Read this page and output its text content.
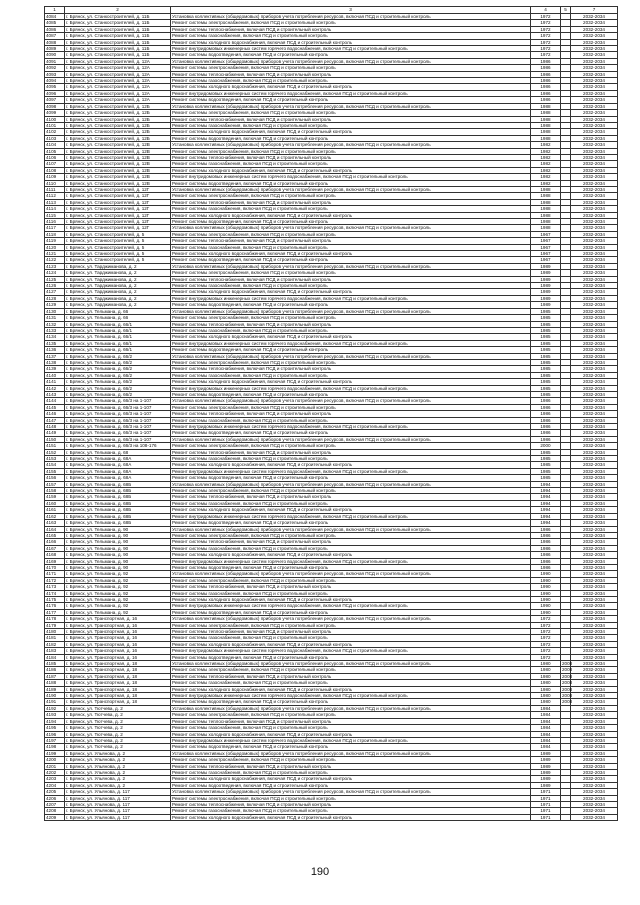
1	2	3	4	5	7
4084	г. Брянск, ул. Станкостроителей, д. 11Б	Установка коллективных (общедомовых) приборов учета потребления ресурсов, включая ПСД и строительный контроль	1972		2032-2034
4085	г. Брянск, ул. Станкостроителей, д. 11Б	Ремонт системы электроснабжения, включая ПСД и строительный контроль	1972		2032-2034
4086	г. Брянск, ул. Станкостроителей, д. 11Б	Ремонт системы теплоснабжения, включая ПСД и строительный контроль	1972		2032-2034
4087	г. Брянск, ул. Станкостроителей, д. 11Б	Ремонт системы газоснабжения, включая ПСД и строительный контроль	1972		2032-2034
4088	г. Брянск, ул. Станкостроителей, д. 11Б	Ремонт системы холодного водоснабжения, включая ПСД и строительный контроль	1972		2032-2034
4089	г. Брянск, ул. Станкостроителей, д. 11Б	Ремонт внутридомовых инженерных систем горячего водоснабжения, включая ПСД и строительный контроль	1972		2032-2034
4090	г. Брянск, ул. Станкостроителей, д. 11Б	Ремонт системы водоотведения, включая ПСД и строительный контроль	1972		2032-2034
4091	г. Брянск, ул. Станкостроителей, д. 12А	Установка коллективных (общедомовых) приборов учета потребления ресурсов, включая ПСД и строительный контроль	1986		2032-2034
4092	г. Брянск, ул. Станкостроителей, д. 12А	Ремонт системы электроснабжения, включая ПСД и строительный контроль	1986		2032-2034
4093	г. Брянск, ул. Станкостроителей, д. 12А	Ремонт системы теплоснабжения, включая ПСД и строительный контроль	1986		2032-2034
4094	г. Брянск, ул. Станкостроителей, д. 12А	Ремонт системы газоснабжения, включая ПСД и строительный контроль	1986		2032-2034
4095	г. Брянск, ул. Станкостроителей, д. 12А	Ремонт системы холодного водоснабжения, включая ПСД и строительный контроль	1986		2032-2034
4096	г. Брянск, ул. Станкостроителей, д. 12А	Ремонт внутридомовых инженерных систем горячего водоснабжения, включая ПСД и строительный контроль	1986		2032-2034
4097	г. Брянск, ул. Станкостроителей, д. 12А	Ремонт системы водоотведения, включая ПСД и строительный контроль	1986		2032-2034
4098	г. Брянск, ул. Станкостроителей, д. 12Б	Установка коллективных (общедомовых) приборов учета потребления ресурсов, включая ПСД и строительный контроль	1988		2032-2034
4099	г. Брянск, ул. Станкостроителей, д. 12Б	Ремонт системы электроснабжения, включая ПСД и строительный контроль	1988		2032-2034
4100	г. Брянск, ул. Станкостроителей, д. 12Б	Ремонт системы теплоснабжения, включая ПСД и строительный контроль	1988		2032-2034
4101	г. Брянск, ул. Станкостроителей, д. 12Б	Ремонт системы газоснабжения, включая ПСД и строительный контроль	1988		2032-2034
4102	г. Брянск, ул. Станкостроителей, д. 12Б	Ремонт системы холодного водоснабжения, включая ПСД и строительный контроль	1988		2032-2034
4103	г. Брянск, ул. Станкостроителей, д. 12Б	Ремонт системы водоотведения, включая ПСД и строительный контроль	1988		2032-2034
4104	г. Брянск, ул. Станкостроителей, д. 12В	Установка коллективных (общедомовых) приборов учета потребления ресурсов, включая ПСД и строительный контроль	1982		2032-2034
4105	г. Брянск, ул. Станкостроителей, д. 12В	Ремонт системы электроснабжения, включая ПСД и строительный контроль	1982		2032-2034
4106	г. Брянск, ул. Станкостроителей, д. 12В	Ремонт системы теплоснабжения, включая ПСД и строительный контроль	1982		2032-2034
4107	г. Брянск, ул. Станкостроителей, д. 12В	Ремонт системы газоснабжения, включая ПСД и строительный контроль	1982		2032-2034
4108	г. Брянск, ул. Станкостроителей, д. 12В	Ремонт системы холодного водоснабжения, включая ПСД и строительный контроль	1982		2032-2034
4109	г. Брянск, ул. Станкостроителей, д. 12В	Ремонт внутридомовых инженерных систем горячего водоснабжения, включая ПСД и строительный контроль	1982		2032-2034
4110	г. Брянск, ул. Станкостроителей, д. 12В	Ремонт системы водоотведения, включая ПСД и строительный контроль	1982		2032-2034
4111	г. Брянск, ул. Станкостроителей, д. 12Г	Установка коллективных (общедомовых) приборов учета потребления ресурсов, включая ПСД и строительный контроль	1988		2032-2034
4112	г. Брянск, ул. Станкостроителей, д. 12Г	Ремонт системы электроснабжения, включая ПСД и строительный контроль	1988		2032-2034
4113	г. Брянск, ул. Станкостроителей, д. 12Г	Ремонт системы теплоснабжения, включая ПСД и строительный контроль	1988		2032-2034
4114	г. Брянск, ул. Станкостроителей, д. 12Г	Ремонт системы газоснабжения, включая ПСД и строительный контроль	1988		2032-2034
4115	г. Брянск, ул. Станкостроителей, д. 12Г	Ремонт системы холодного водоснабжения, включая ПСД и строительный контроль	1988		2032-2034
4116	г. Брянск, ул. Станкостроителей, д. 12Г	Ремонт системы водоотведения, включая ПСД и строительный контроль	1988		2032-2034
4117	г. Брянск, ул. Станкостроителей, д. 12Г	Установка коллективных (общедомовых) приборов учета потребления ресурсов, включая ПСД и строительный контроль	1988		2032-2034
4118	г. Брянск, ул. Станкостроителей, д. 5	Ремонт системы электроснабжения, включая ПСД и строительный контроль	1967		2032-2034
4119	г. Брянск, ул. Станкостроителей, д. 5	Ремонт системы теплоснабжения, включая ПСД и строительный контроль	1967		2032-2034
4120	г. Брянск, ул. Станкостроителей, д. 5	Ремонт системы газоснабжения, включая ПСД и строительный контроль	1967		2032-2034
4121	г. Брянск, ул. Станкостроителей, д. 5	Ремонт системы холодного водоснабжения, включая ПСД и строительный контроль	1967		2032-2034
4122	г. Брянск, ул. Станкостроителей, д. 5	Ремонт системы водоотведения, включая ПСД и строительный контроль	1967		2032-2034
4123	г. Брянск, ул. Тарджиманова, д. 2	Установка коллективных (общедомовых) приборов учета потребления ресурсов, включая ПСД и строительный контроль	1989		2032-2034
4124	г. Брянск, ул. Тарджиманова, д. 2	Ремонт системы электроснабжения, включая ПСД и строительный контроль	1989		2032-2034
4125	г. Брянск, ул. Тарджиманова, д. 2	Ремонт системы теплоснабжения, включая ПСД и строительный контроль	1989		2032-2034
4126	г. Брянск, ул. Тарджиманова, д. 2	Ремонт системы газоснабжения, включая ПСД и строительный контроль	1989		2032-2034
4127	г. Брянск, ул. Тарджиманова, д. 2	Ремонт системы холодного водоснабжения, включая ПСД и строительный контроль	1989		2032-2034
4128	г. Брянск, ул. Тарджиманова, д. 2	Ремонт внутридомовых инженерных систем горячего водоснабжения, включая ПСД и строительный контроль	1989		2032-2034
4129	г. Брянск, ул. Тарджиманова, д. 2	Ремонт системы водоотведения, включая ПСД и строительный контроль	1989		2032-2034
4130	г. Брянск, ул. Тельмана, д. 66	Установка коллективных (общедомовых) приборов учета потребления ресурсов, включая ПСД и строительный контроль	1985		2032-2034
4131	г. Брянск, ул. Тельмана, д. 66	Ремонт системы электроснабжения, включая ПСД и строительный контроль	1985		2032-2034
4132	г. Брянск, ул. Тельмана, д. 66/1	Ремонт системы теплоснабжения, включая ПСД и строительный контроль	1985		2032-2034
4133	г. Брянск, ул. Тельмана, д. 66/1	Ремонт системы газоснабжения, включая ПСД и строительный контроль	1985		2032-2034
4134	г. Брянск, ул. Тельмана, д. 66/1	Ремонт системы холодного водоснабжения, включая ПСД и строительный контроль	1985		2032-2034
4135	г. Брянск, ул. Тельмана, д. 66/1	Ремонт внутридомовых инженерных систем горячего водоснабжения, включая ПСД и строительный контроль	1985		2032-2034
4136	г. Брянск, ул. Тельмана, д. 66/1	Ремонт системы водоотведения, включая ПСД и строительный контроль	1985		2032-2034
4137	г. Брянск, ул. Тельмана, д. 66/2	Установка коллективных (общедомовых) приборов учета потребления ресурсов, включая ПСД и строительный контроль	1985		2032-2034
4138	г. Брянск, ул. Тельмана, д. 66/2	Ремонт системы электроснабжения, включая ПСД и строительный контроль	1985		2032-2034
4139	г. Брянск, ул. Тельмана, д. 66/2	Ремонт системы теплоснабжения, включая ПСД и строительный контроль	1985		2032-2034
4140	г. Брянск, ул. Тельмана, д. 66/2	Ремонт системы газоснабжения, включая ПСД и строительный контроль	1985		2032-2034
4141	г. Брянск, ул. Тельмана, д. 66/2	Ремонт системы холодного водоснабжения, включая ПСД и строительный контроль	1985		2032-2034
4142	г. Брянск, ул. Тельмана, д. 66/2	Ремонт внутридомовых инженерных систем горячего водоснабжения, включая ПСД и строительный контроль	1985		2032-2034
4143	г. Брянск, ул. Тельмана, д. 66/2	Ремонт системы водоотведения, включая ПСД и строительный контроль	1985		2032-2034
4144	г. Брянск, ул. Тельмана, д. 66/3 на 1-107	Установка коллективных (общедомовых) приборов учета потребления ресурсов, включая ПСД и строительный контроль	1986		2032-2034
4145	г. Брянск, ул. Тельмана, д. 66/3 на 1-107	Ремонт системы электроснабжения, включая ПСД и строительный контроль	1986		2032-2034
4146	г. Брянск, ул. Тельмана, д. 66/3 на 1-107	Ремонт системы теплоснабжения, включая ПСД и строительный контроль	1986		2032-2034
4147	г. Брянск, ул. Тельмана, д. 66/3 на 1-107	Ремонт системы газоснабжения, включая ПСД и строительный контроль	1986		2032-2034
4148	г. Брянск, ул. Тельмана, д. 66/3 на 1-107	Ремонт внутридомовых инженерных систем горячего водоснабжения, включая ПСД и строительный контроль	1986		2032-2034
4149	г. Брянск, ул. Тельмана, д. 66/3 на 1-107	Ремонт системы водоотведения, включая ПСД и строительный контроль	1986		2032-2034
4150	г. Брянск, ул. Тельмана, д. 66/3 на 1-107	Установка коллективных (общедомовых) приборов учета потребления ресурсов, включая ПСД и строительный контроль	1986		2032-2034
4151	г. Брянск, ул. Тельмана, д. 66/3 на 108-176	Ремонт системы электроснабжения, включая ПСД и строительный контроль	2000		2032-2034
4152	г. Брянск, ул. Тельмана, д. 68	Ремонт системы теплоснабжения, включая ПСД и строительный контроль	1985		2032-2034
4153	г. Брянск, ул. Тельмана, д. 68А	Ремонт системы газоснабжения, включая ПСД и строительный контроль	1985		2032-2034
4154	г. Брянск, ул. Тельмана, д. 68А	Ремонт системы холодного водоснабжения, включая ПСД и строительный контроль	1985		2032-2034
4155	г. Брянск, ул. Тельмана, д. 68А	Ремонт внутридомовых инженерных систем горячего водоснабжения, включая ПСД и строительный контроль	1985		2032-2034
4156	г. Брянск, ул. Тельмана, д. 68А	Ремонт системы водоотведения, включая ПСД и строительный контроль	1985		2032-2034
4157	г. Брянск, ул. Тельмана, д. 68Б	Установка коллективных (общедомовых) приборов учета потребления ресурсов, включая ПСД и строительный контроль	1994		2032-2034
4158	г. Брянск, ул. Тельмана, д. 68Б	Ремонт системы электроснабжения, включая ПСД и строительный контроль	1994		2032-2034
4159	г. Брянск, ул. Тельмана, д. 68Б	Ремонт системы теплоснабжения, включая ПСД и строительный контроль	1994		2032-2034
4160	г. Брянск, ул. Тельмана, д. 68Б	Ремонт системы газоснабжения, включая ПСД и строительный контроль	1994		2032-2034
4161	г. Брянск, ул. Тельмана, д. 68Б	Ремонт системы холодного водоснабжения, включая ПСД и строительный контроль	1994		2032-2034
4162	г. Брянск, ул. Тельмана, д. 68Б	Ремонт внутридомовых инженерных систем горячего водоснабжения, включая ПСД и строительный контроль	1994		2032-2034
4163	г. Брянск, ул. Тельмана, д. 68Б	Ремонт системы водоотведения, включая ПСД и строительный контроль	1994		2032-2034
4164	г. Брянск, ул. Тельмана, д. 90	Установка коллективных (общедомовых) приборов учета потребления ресурсов, включая ПСД и строительный контроль	1986		2032-2034
4165	г. Брянск, ул. Тельмана, д. 90	Ремонт системы электроснабжения, включая ПСД и строительный контроль	1986		2032-2034
4166	г. Брянск, ул. Тельмана, д. 90	Ремонт системы теплоснабжения, включая ПСД и строительный контроль	1986		2032-2034
4167	г. Брянск, ул. Тельмана, д. 90	Ремонт системы газоснабжения, включая ПСД и строительный контроль	1986		2032-2034
4168	г. Брянск, ул. Тельмана, д. 90	Ремонт системы холодного водоснабжения, включая ПСД и строительный контроль	1986		2032-2034
4169	г. Брянск, ул. Тельмана, д. 90	Ремонт внутридомовых инженерных систем горячего водоснабжения, включая ПСД и строительный контроль	1986		2032-2034
4170	г. Брянск, ул. Тельмана, д. 90	Ремонт системы водоотведения, включая ПСД и строительный контроль	1986		2032-2034
4171	г. Брянск, ул. Тельмана, д. 92	Установка коллективных (общедомовых) приборов учета потребления ресурсов, включая ПСД и строительный контроль	1990		2032-2034
4172	г. Брянск, ул. Тельмана, д. 92	Ремонт системы электроснабжения, включая ПСД и строительный контроль	1990		2032-2034
4173	г. Брянск, ул. Тельмана, д. 92	Ремонт системы теплоснабжения, включая ПСД и строительный контроль	1990		2032-2034
4174	г. Брянск, ул. Тельмана, д. 92	Ремонт системы газоснабжения, включая ПСД и строительный контроль	1990		2032-2034
4175	г. Брянск, ул. Тельмана, д. 92	Ремонт системы холодного водоснабжения, включая ПСД и строительный контроль	1990		2032-2034
4176	г. Брянск, ул. Тельмана, д. 92	Ремонт внутридомовых инженерных систем горячего водоснабжения, включая ПСД и строительный контроль	1990		2032-2034
4177	г. Брянск, ул. Тельмана, д. 92	Ремонт системы водоотведения, включая ПСД и строительный контроль	1990		2032-2034
4178	г. Брянск, ул. Транспортная, д. 16	Установка коллективных (общедомовых) приборов учета потребления ресурсов, включая ПСД и строительный контроль	1972		2032-2034
4179	г. Брянск, ул. Транспортная, д. 16	Ремонт системы электроснабжения, включая ПСД и строительный контроль	1972		2032-2034
4180	г. Брянск, ул. Транспортная, д. 16	Ремонт системы теплоснабжения, включая ПСД и строительный контроль	1972		2032-2034
4181	г. Брянск, ул. Транспортная, д. 16	Ремонт системы газоснабжения, включая ПСД и строительный контроль	1972		2032-2034
4182	г. Брянск, ул. Транспортная, д. 16	Ремонт системы холодного водоснабжения, включая ПСД и строительный контроль	1972		2032-2034
4183	г. Брянск, ул. Транспортная, д. 16	Ремонт внутридомовых инженерных систем горячего водоснабжения, включая ПСД и строительный контроль	1972		2032-2034
4184	г. Брянск, ул. Транспортная, д. 16	Ремонт системы водоотведения, включая ПСД и строительный контроль	1972		2032-2034
4185	г. Брянск, ул. Транспортная, д. 18	Установка коллективных (общедомовых) приборов учета потребления ресурсов, включая ПСД и строительный контроль	1980	2008	2032-2034
4186	г. Брянск, ул. Транспортная, д. 18	Ремонт системы электроснабжения, включая ПСД и строительный контроль	1980	2008	2032-2034
4187	г. Брянск, ул. Транспортная, д. 18	Ремонт системы теплоснабжения, включая ПСД и строительный контроль	1980	2008	2032-2034
4188	г. Брянск, ул. Транспортная, д. 18	Ремонт системы газоснабжения, включая ПСД и строительный контроль	1980	2008	2032-2034
4189	г. Брянск, ул. Транспортная, д. 18	Ремонт системы холодного водоснабжения, включая ПСД и строительный контроль	1980	2008	2032-2034
4190	г. Брянск, ул. Транспортная, д. 18	Ремонт внутридомовых инженерных систем горячего водоснабжения, включая ПСД и строительный контроль	1980	2008	2032-2034
4191	г. Брянск, ул. Транспортная, д. 18	Ремонт системы водоотведения, включая ПСД и строительный контроль	1980	2008	2032-2034
4192	г. Брянск, ул. Тютчева, д. 2	Установка коллективных (общедомовых) приборов учета потребления ресурсов, включая ПСД и строительный контроль	1984		2032-2034
4193	г. Брянск, ул. Тютчева, д. 2	Ремонт системы электроснабжения, включая ПСД и строительный контроль	1984		2032-2034
4194	г. Брянск, ул. Тютчева, д. 2	Ремонт системы теплоснабжения, включая ПСД и строительный контроль	1984		2032-2034
4195	г. Брянск, ул. Тютчева, д. 2	Ремонт системы газоснабжения, включая ПСД и строительный контроль	1984		2032-2034
4196	г. Брянск, ул. Тютчева, д. 2	Ремонт системы холодного водоснабжения, включая ПСД и строительный контроль	1984		2032-2034
4197	г. Брянск, ул. Тютчева, д. 2	Ремонт внутридомовых инженерных систем горячего водоснабжения, включая ПСД и строительный контроль	1984		2032-2034
4198	г. Брянск, ул. Тютчева, д. 2	Ремонт системы водоотведения, включая ПСД и строительный контроль	1984		2032-2034
4199	г. Брянск, ул. Ульянова, д. 2	Установка коллективных (общедомовых) приборов учета потребления ресурсов, включая ПСД и строительный контроль	1989		2032-2034
4200	г. Брянск, ул. Ульянова, д. 2	Ремонт системы электроснабжения, включая ПСД и строительный контроль	1989		2032-2034
4201	г. Брянск, ул. Ульянова, д. 2	Ремонт системы теплоснабжения, включая ПСД и строительный контроль	1989		2032-2034
4202	г. Брянск, ул. Ульянова, д. 2	Ремонт системы газоснабжения, включая ПСД и строительный контроль	1989		2032-2034
4203	г. Брянск, ул. Ульянова, д. 2	Ремонт системы холодного водоснабжения, включая ПСД и строительный контроль	1989		2032-2034
4204	г. Брянск, ул. Ульянова, д. 2	Ремонт системы водоотведения, включая ПСД и строительный контроль	1989		2032-2034
4205	г. Брянск, ул. Ульянова, д. 117	Установка коллективных (общедомовых) приборов учета потребления ресурсов, включая ПСД и строительный контроль	1971		2032-2034
4206	г. Брянск, ул. Ульянова, д. 117	Ремонт системы электроснабжения, включая ПСД и строительный контроль	1971		2032-2034
4207	г. Брянск, ул. Ульянова, д. 117	Ремонт системы теплоснабжения, включая ПСД и строительный контроль	1971		2032-2034
4208	г. Брянск, ул. Ульянова, д. 117	Ремонт системы газоснабжения, включая ПСД и строительный контроль	1971		2032-2034
4209	г. Брянск, ул. Ульянова, д. 117	Ремонт системы холодного водоснабжения, включая ПСД и строительный контроль	1971		2032-2034
190
